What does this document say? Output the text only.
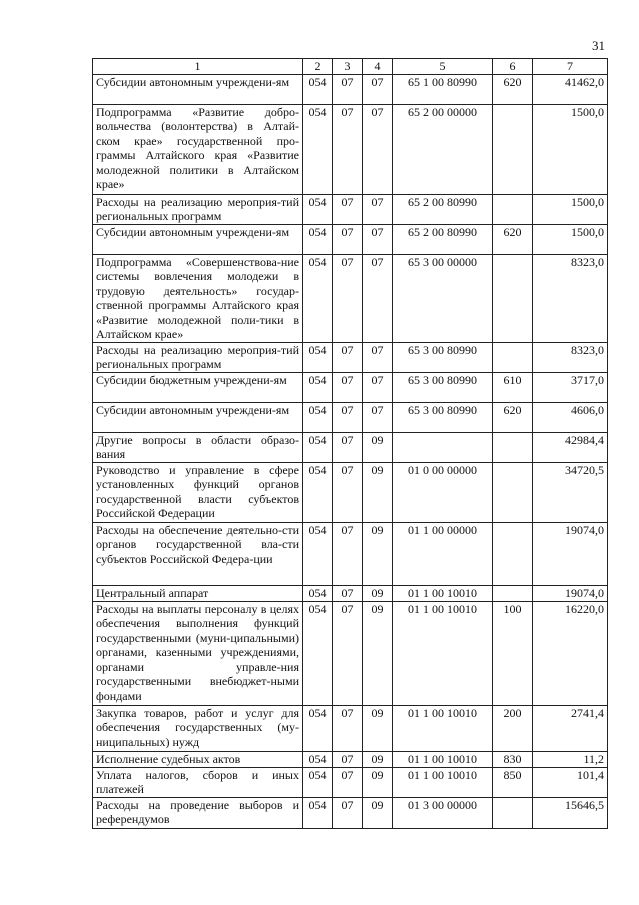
31
1	2	3	4	5	6	7
Субсидии автономным учреждени-ям	054	07	07	65 1 00 80990	620	41462,0
Подпрограмма «Развитие добро-вольчества (волонтерства) в Алтай-ском крае» государственной про-граммы Алтайского края «Развитие молодежной политики в Алтайском крае»	054	07	07	65 2 00 00000		1500,0
Расходы на реализацию мероприя-тий региональных программ	054	07	07	65 2 00 80990		1500,0
Субсидии автономным учреждени-ям	054	07	07	65 2 00 80990	620	1500,0
Подпрограмма «Совершенствова-ние системы вовлечения молодежи в трудовую деятельность» государ-ственной программы Алтайского края «Развитие молодежной поли-тики в Алтайском крае»	054	07	07	65 3 00 00000		8323,0
Расходы на реализацию мероприя-тий региональных программ	054	07	07	65 3 00 80990		8323,0
Субсидии бюджетным учреждени-ям	054	07	07	65 3 00 80990	610	3717,0
Субсидии автономным учреждени-ям	054	07	07	65 3 00 80990	620	4606,0
Другие вопросы в области образо-вания	054	07	09			42984,4
Руководство и управление в сфере установленных функций органов государственной власти субъектов Российской Федерации	054	07	09	01 0 00 00000		34720,5
Расходы на обеспечение деятельно-сти органов государственной вла-сти субъектов Российской Федера-ции	054	07	09	01 1 00 00000		19074,0
Центральный аппарат	054	07	09	01 1 00 10010		19074,0
Расходы на выплаты персоналу в целях обеспечения выполнения функций государственными (муни-ципальными) органами, казенными учреждениями, органами управле-ния государственными внебюджет-ными фондами	054	07	09	01 1 00 10010	100	16220,0
Закупка товаров, работ и услуг для обеспечения государственных (му-ниципальных) нужд	054	07	09	01 1 00 10010	200	2741,4
Исполнение судебных актов	054	07	09	01 1 00 10010	830	11,2
Уплата налогов, сборов и иных платежей	054	07	09	01 1 00 10010	850	101,4
Расходы на проведение выборов и референдумов	054	07	09	01 3 00 00000		15646,5
